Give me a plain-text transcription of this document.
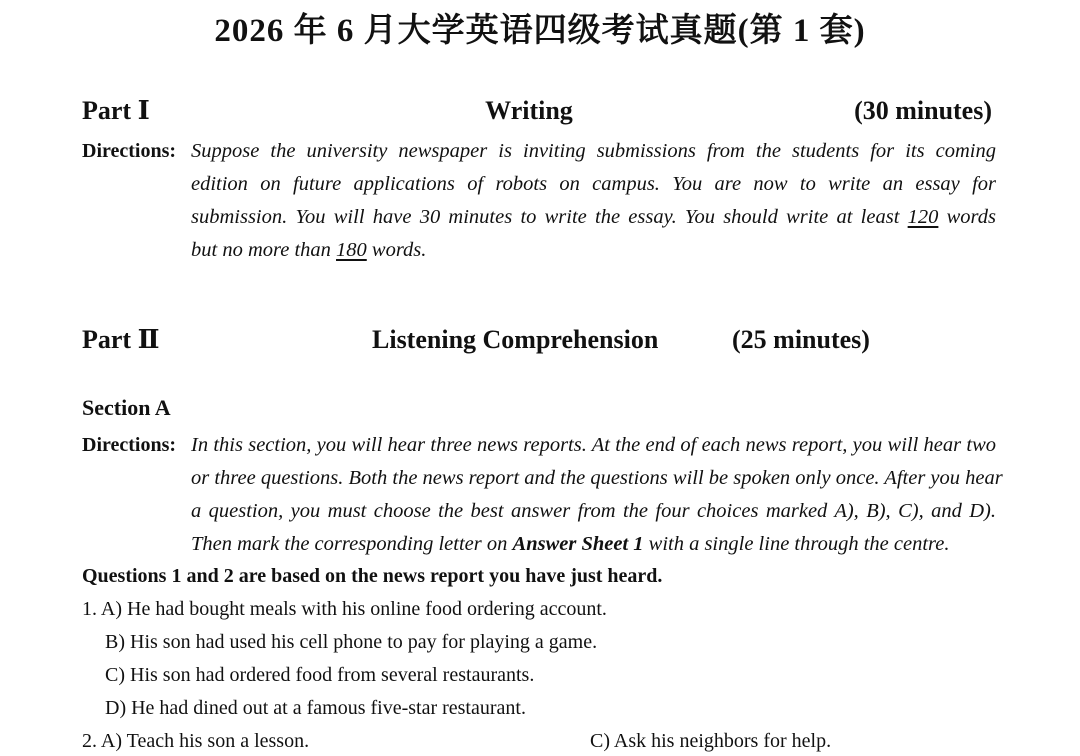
2026 年 6 月大学英语四级考试真题(第 1 套)
Part Ⅰ	Writing	(30 minutes)
Directions: Suppose the university newspaper is inviting submissions from the students for its coming
edition on future applications of robots on campus. You are now to write an essay for
submission. You will have 30 minutes to write the essay. You should write at least 120 words
but no more than 180 words.
Part Ⅱ	Listening Comprehension	(25 minutes)
Section A
Directions: In this section, you will hear three news reports. At the end of each news report, you will hear two
or three questions. Both the news report and the questions will be spoken only once. After you hear
a question, you must choose the best answer from the four choices marked A), B), C), and D).
Then mark the corresponding letter on Answer Sheet 1 with a single line through the centre.
Questions 1 and 2 are based on the news report you have just heard.
1. A) He had bought meals with his online food ordering account.
B) His son had used his cell phone to pay for playing a game.
C) His son had ordered food from several restaurants.
D) He had dined out at a famous five-star restaurant.
2. A) Teach his son a lesson.	C) Ask his neighbors for help.
